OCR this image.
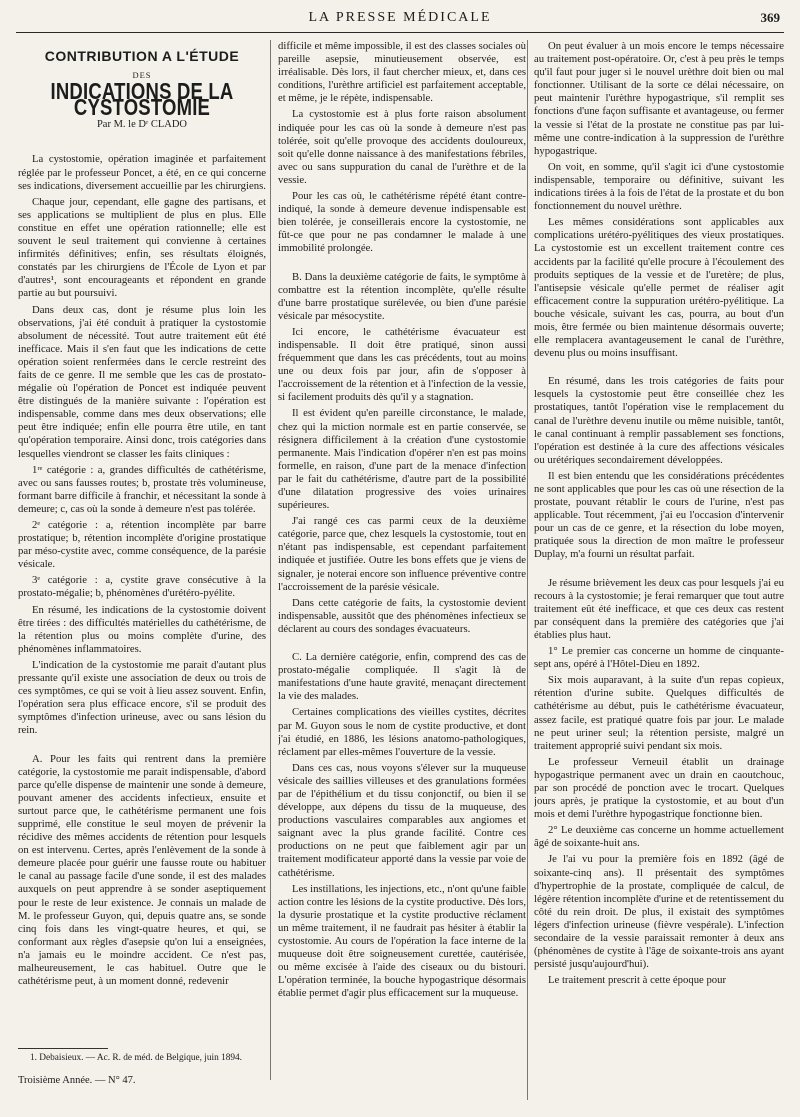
LA PRESSE MÉDICALE	369
CONTRIBUTION A L'ÉTUDE
DES
INDICATIONS DE LA CYSTOSTOMIE
Par M. le Dʳ CLADO

La cystostomie, opération imaginée et parfaitement réglée par le professeur Poncet, a été, en ce qui concerne ses indications, diversement accueillie par les chirurgiens.

Chaque jour, cependant, elle gagne des partisans, et ses applications se multiplient de plus en plus. Elle constitue en effet une opération rationnelle; elle est souvent le seul traitement qui convienne à certaines infirmités définitives; enfin, ses résultats éloignés, constatés par les chirurgiens de l'École de Lyon et par d'autres¹, sont encourageants et répondent en grande partie au but poursuivi.

Dans deux cas, dont je résume plus loin les observations, j'ai été conduit à pratiquer la cystostomie absolument de nécessité. Tout autre traitement eût été inefficace. Mais il s'en faut que les indications de cette opération soient renfermées dans le cercle restreint des faits de ce genre. Il me semble que les cas de prostato-mégalie où l'opération de Poncet est indiquée peuvent être distingués de la manière suivante : l'opération est indispensable, comme dans mes deux observations; elle peut être indiquée; enfin elle pourra être utile, en tant qu'opération temporaire. Ainsi donc, trois catégories dans lesquelles viendront se classer les faits cliniques :

1ʳᵉ catégorie : a, grandes difficultés de cathétérisme, avec ou sans fausses routes; b, prostate très volumineuse, formant barre difficile à franchir, et nécessitant la sonde à demeure; c, cas où la sonde à demeure n'est pas tolérée.

2ᵉ catégorie : a, rétention incomplète par barre prostatique; b, rétention incomplète d'origine prostatique par méso-cystite avec, comme conséquence, de la parésie vésicale.

3ᵉ catégorie : a, cystite grave consécutive à la prostato-mégalie; b, phénomènes d'urétéro-pyélite.

En résumé, les indications de la cystostomie doivent être tirées : des difficultés matérielles du cathétérisme, de la rétention plus ou moins complète d'urine, des phénomènes inflammatoires.

L'indication de la cystostomie me parait d'autant plus pressante qu'il existe une association de deux ou trois de ces symptômes, ce qui se voit à lieu assez souvent. Enfin, l'opération sera plus efficace encore, s'il se produit des symptômes d'infection urineuse, avec ou sans lésion du rein.

A. Pour les faits qui rentrent dans la première catégorie, la cystostomie me parait indispensable, d'abord parce qu'elle dispense de maintenir une sonde à demeure, pouvant amener des accidents infectieux, ensuite et surtout parce que, le cathétérisme permanent une fois supprimé, elle constitue le seul moyen de prévenir la récidive des mêmes accidents de rétention pour lesquels on est intervenu. Certes, après l'enlèvement de la sonde à demeure placée pour guérir une fausse route ou habituer le canal au passage facile d'une sonde, il est des malades auxquels on peut apprendre à se sonder aseptiquement pour le reste de leur existence. Je connais un malade de M. le professeur Guyon, qui, depuis quatre ans, se sonde cinq fois dans les vingt-quatre heures, et qui, se conformant aux règles d'asepsie qu'on lui a enseignées, n'a jamais eu le moindre accident. Ce n'est pas, malheureusement, le cas habituel. Outre que le cathétérisme peut, à un moment donné, redevenir

difficile et même impossible, il est des classes sociales où pareille asepsie, minutieusement observée, est irréalisable. Dès lors, il faut chercher mieux, et, dans ces conditions, l'urèthre artificiel est parfaitement acceptable, et même, je le répète, indispensable.

La cystostomie est à plus forte raison absolument indiquée pour les cas où la sonde à demeure n'est pas tolérée, soit qu'elle provoque des accidents douloureux, soit qu'elle donne naissance à des manifestations fébriles, avec ou sans suppuration du canal de l'urèthre et de la vessie.

Pour les cas où, le cathétérisme répété étant contre-indiqué, la sonde à demeure devenue indispensable est bien tolérée, je conseillerais encore la cystostomie, ne fût-ce que pour ne pas condamner le malade à une immobilité prolongée.

B. Dans la deuxième catégorie de faits, le symptôme à combattre est la rétention incomplète, qu'elle résulte d'une barre prostatique surélevée, ou bien d'une parésie vésicale par mésocystite.

Ici encore, le cathétérisme évacuateur est indispensable. Il doit être pratiqué, sinon aussi fréquemment que dans les cas précédents, tout au moins une ou deux fois par jour, afin de s'opposer à l'accroissement de la rétention et à l'infection de la vessie, si facilement produits dès qu'il y a stagnation.

Il est évident qu'en pareille circonstance, le malade, chez qui la miction normale est en partie conservée, se résignera difficilement à la création d'une cystostomie permanente. Mais l'indication d'opérer n'en est pas moins formelle, en raison, d'une part de la menace d'infection par le fait du cathétérisme, d'autre part de la possibilité d'une dilatation progressive des voies urinaires supérieures.

J'ai rangé ces cas parmi ceux de la deuxième catégorie, parce que, chez lesquels la cystostomie, tout en n'étant pas indispensable, est cependant parfaitement indiquée et justifiée. Outre les bons effets que je viens de signaler, je noterai encore son influence préventive contre l'accroissement de la parésie vésicale.

Dans cette catégorie de faits, la cystostomie devient indispensable, aussitôt que des phénomènes infectieux se déclarent au cours des sondages évacuateurs.

C. La dernière catégorie, enfin, comprend des cas de prostato-mégalie compliquée. Il s'agit là de manifestations d'une haute gravité, menaçant directement la vie des malades.

Certaines complications des vieilles cystites, décrites par M. Guyon sous le nom de cystite productive, et dont j'ai étudié, en 1886, les lésions anatomo-pathologiques, réclament par elles-mêmes l'ouverture de la vessie.

Dans ces cas, nous voyons s'élever sur la muqueuse vésicale des saillies villeuses et des granulations formées par de l'épithélium et du tissu conjonctif, ou bien il se développe, aux dépens du tissu de la muqueuse, des productions vasculaires comparables aux angiomes et saignant avec la plus grande facilité. Contre ces productions on ne peut que faiblement agir par un traitement modificateur apporté dans la vessie par voie de cathétérisme.

Les instillations, les injections, etc., n'ont qu'une faible action contre les lésions de la cystite productive. Dès lors, la dysurie prostatique et la cystite productive réclament un même traitement, il ne faudrait pas hésiter à établir la cystostomie. Au cours de l'opération la face interne de la muqueuse doit être soigneusement curettée, cautérisée, ou même excisée à l'aide des ciseaux ou du bistouri. L'opération terminée, la bouche hypogastrique désormais établie permet d'agir plus efficacement sur la muqueuse.

On peut évaluer à un mois encore le temps nécessaire au traitement post-opératoire. Or, c'est à peu près le temps qu'il faut pour juger si le nouvel urèthre doit bien ou mal fonctionner. Utilisant de la sorte ce délai nécessaire, on peut maintenir l'urèthre hypogastrique, s'il remplit ses fonctions d'une façon suffisante et avantageuse, ou fermer la vessie si l'état de la prostate ne constitue pas par lui-même une contre-indication à la suppression de l'urèthre hypogastrique.

On voit, en somme, qu'il s'agit ici d'une cystostomie indispensable, temporaire ou définitive, suivant les indications tirées à la fois de l'état de la prostate et du bon fonctionnement du nouvel urèthre.

Les mêmes considérations sont applicables aux complications urétéro-pyélitiques des vieux prostatiques. La cystostomie est un excellent traitement contre ces accidents par la facilité qu'elle procure à l'écoulement des produits septiques de la vessie et de l'uretère; de plus, l'antisepsie vésicale qu'elle permet de réaliser agit efficacement contre la suppuration urétéro-pyélitique. La bouche vésicale, suivant les cas, pourra, au bout d'un mois, être fermée ou bien maintenue désormais ouverte; elle remplacera avantageusement le canal de l'urèthre, devenu plus ou moins insuffisant.

En résumé, dans les trois catégories de faits pour lesquels la cystostomie peut être conseillée chez les prostatiques, tantôt l'opération vise le remplacement du canal de l'urèthre devenu inutile ou même nuisible, tantôt, le canal continuant à remplir passablement ses fonctions, l'opération est destinée à la cure des affections vésicales ou urétériques secondairement développées.

Il est bien entendu que les considérations précédentes ne sont applicables que pour les cas où une résection de la prostate, pouvant rétablir le cours de l'urine, n'est pas applicable. Tout récemment, j'ai eu l'occasion d'intervenir pour un cas de ce genre, et la résection du lobe moyen, pratiquée sous la direction de mon maître le professeur Duplay, m'a fourni un résultat parfait.

Je résume brièvement les deux cas pour lesquels j'ai eu recours à la cystostomie; je ferai remarquer que tout autre traitement eût été inefficace, et que ces deux cas restent par conséquent dans la première des catégories que j'ai établies plus haut.

1° Le premier cas concerne un homme de cinquante-sept ans, opéré à l'Hôtel-Dieu en 1892.

Six mois auparavant, à la suite d'un repas copieux, rétention d'urine subite. Quelques difficultés de cathétérisme au début, puis le cathétérisme évacuateur, assez facile, est pratiqué quatre fois par jour. Le malade ne peut uriner seul; la rétention persiste, malgré un traitement approprié suivi pendant six mois.

Le professeur Verneuil établit un drainage hypogastrique permanent avec un drain en caoutchouc, par son procédé de ponction avec le trocart. Quelques jours après, je pratique la cystostomie, et au bout d'un mois et demi l'urèthre hypogastrique fonctionne bien.

2° Le deuxième cas concerne un homme actuellement âgé de soixante-huit ans.

Je l'ai vu pour la première fois en 1892 (âgé de soixante-cinq ans). Il présentait des symptômes d'hypertrophie de la prostate, compliquée de calcul, de légère rétention incomplète d'urine et de retentissement du côté du rein droit. De plus, il existait des symptômes légers d'infection urineuse (fièvre vespérale). L'infection secondaire de la vessie paraissait remonter à deux ans (phénomènes de cystite à l'âge de soixante-trois ans ayant persisté jusqu'aujourd'hui).

Le traitement prescrit à cette époque pour

1. Debaisieux. — Ac. R. de méd. de Belgique, juin 1894.
Troisième Année. — N° 47.
